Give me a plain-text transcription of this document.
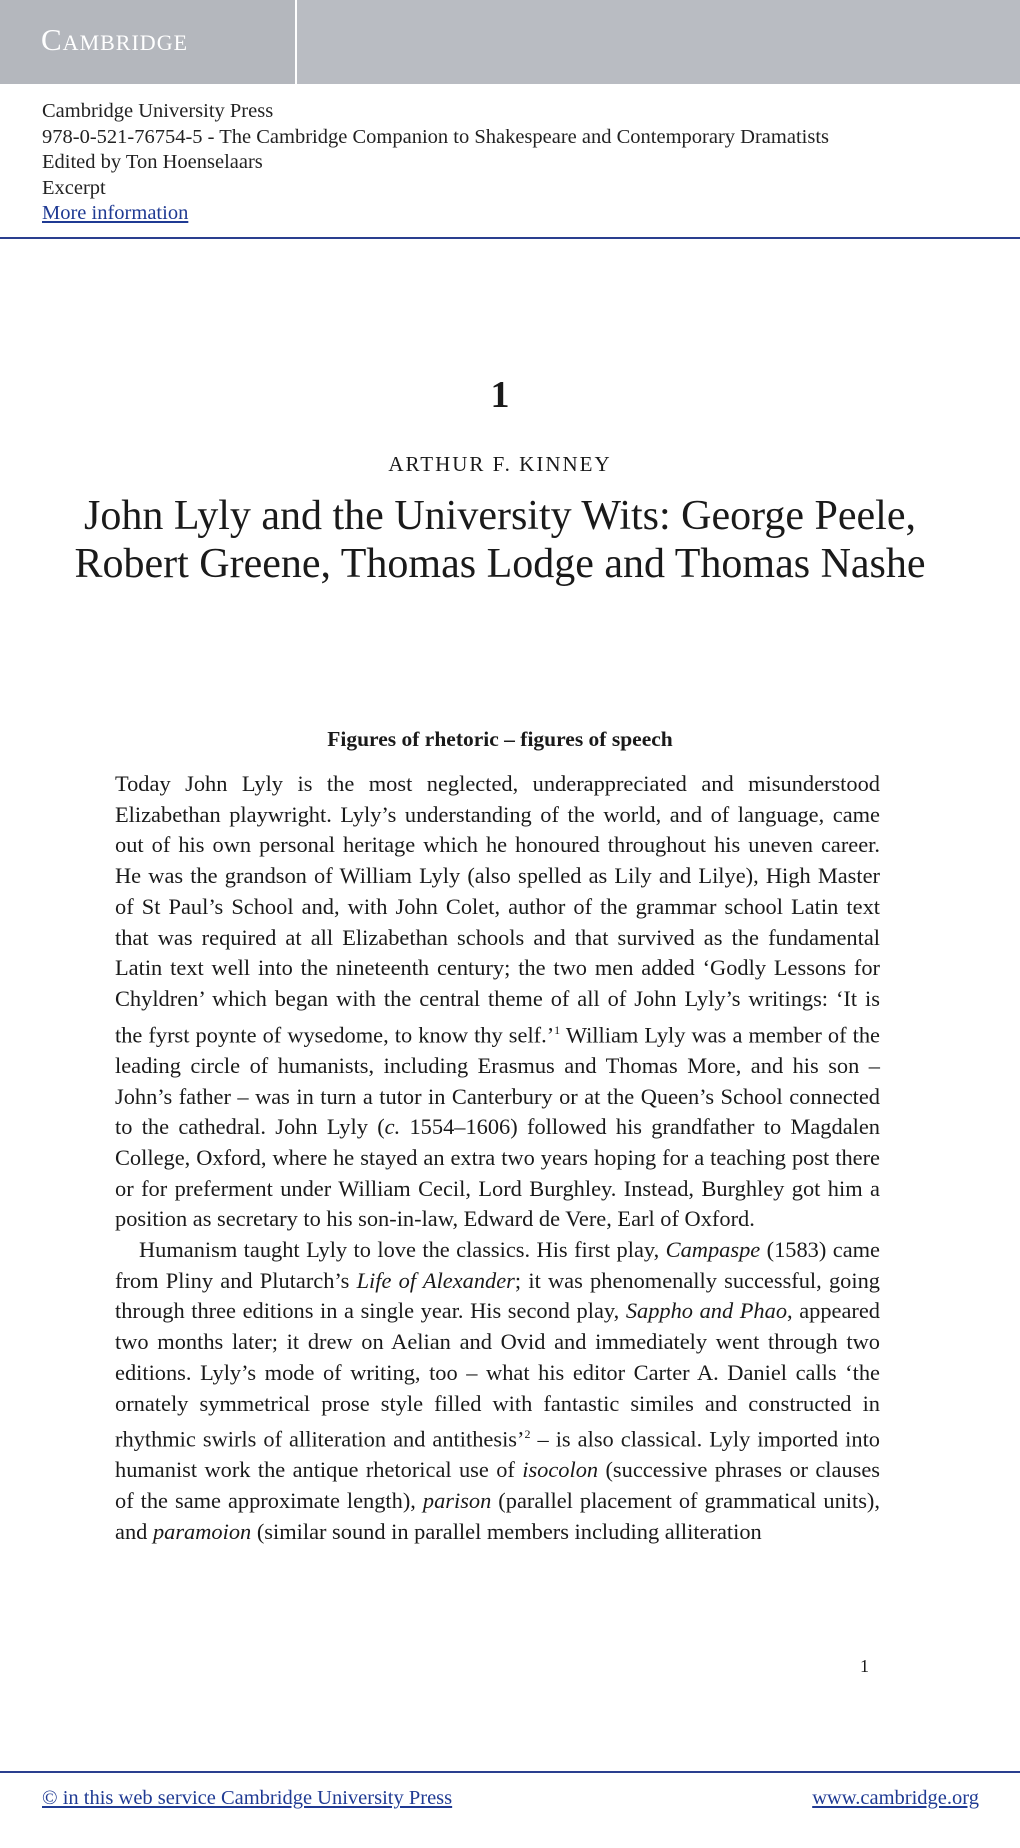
Cambridge
Cambridge University Press
978-0-521-76754-5 - The Cambridge Companion to Shakespeare and Contemporary Dramatists
Edited by Ton Hoenselaars
Excerpt
More information
1
ARTHUR F. KINNEY
John Lyly and the University Wits: George Peele, Robert Greene, Thomas Lodge and Thomas Nashe
Figures of rhetoric – figures of speech

Today John Lyly is the most neglected, underappreciated and misunderstood Elizabethan playwright. Lyly’s understanding of the world, and of language, came out of his own personal heritage which he honoured throughout his uneven career. He was the grandson of William Lyly (also spelled as Lily and Lilye), High Master of St Paul’s School and, with John Colet, author of the grammar school Latin text that was required at all Elizabethan schools and that survived as the fundamental Latin text well into the nineteenth century; the two men added ‘Godly Lessons for Chyldren’ which began with the central theme of all of John Lyly’s writings: ‘It is the fyrst poynte of wysedome, to know thy self.’$^1$ William Lyly was a member of the leading circle of humanists, including Erasmus and Thomas More, and his son – John’s father – was in turn a tutor in Canterbury or at the Queen’s School connected to the cathedral. John Lyly (c. 1554–1606) followed his grandfather to Magdalen College, Oxford, where he stayed an extra two years hoping for a teaching post there or for preferment under William Cecil, Lord Burghley. Instead, Burghley got him a position as secretary to his son-in-law, Edward de Vere, Earl of Oxford.

Humanism taught Lyly to love the classics. His first play, Campaspe (1583) came from Pliny and Plutarch’s Life of Alexander; it was phenomenally successful, going through three editions in a single year. His second play, Sappho and Phao, appeared two months later; it drew on Aelian and Ovid and immediately went through two editions. Lyly’s mode of writing, too – what his editor Carter A. Daniel calls ‘the ornately symmetrical prose style filled with fantastic similes and constructed in rhythmic swirls of alliteration and antithesis’$^2$ – is also classical. Lyly imported into humanist work the antique rhetorical use of isocolon (successive phrases or clauses of the same approximate length), parison (parallel placement of grammatical units), and paramoion (similar sound in parallel members including alliteration

1
© in this web service Cambridge University Press	www.cambridge.org
